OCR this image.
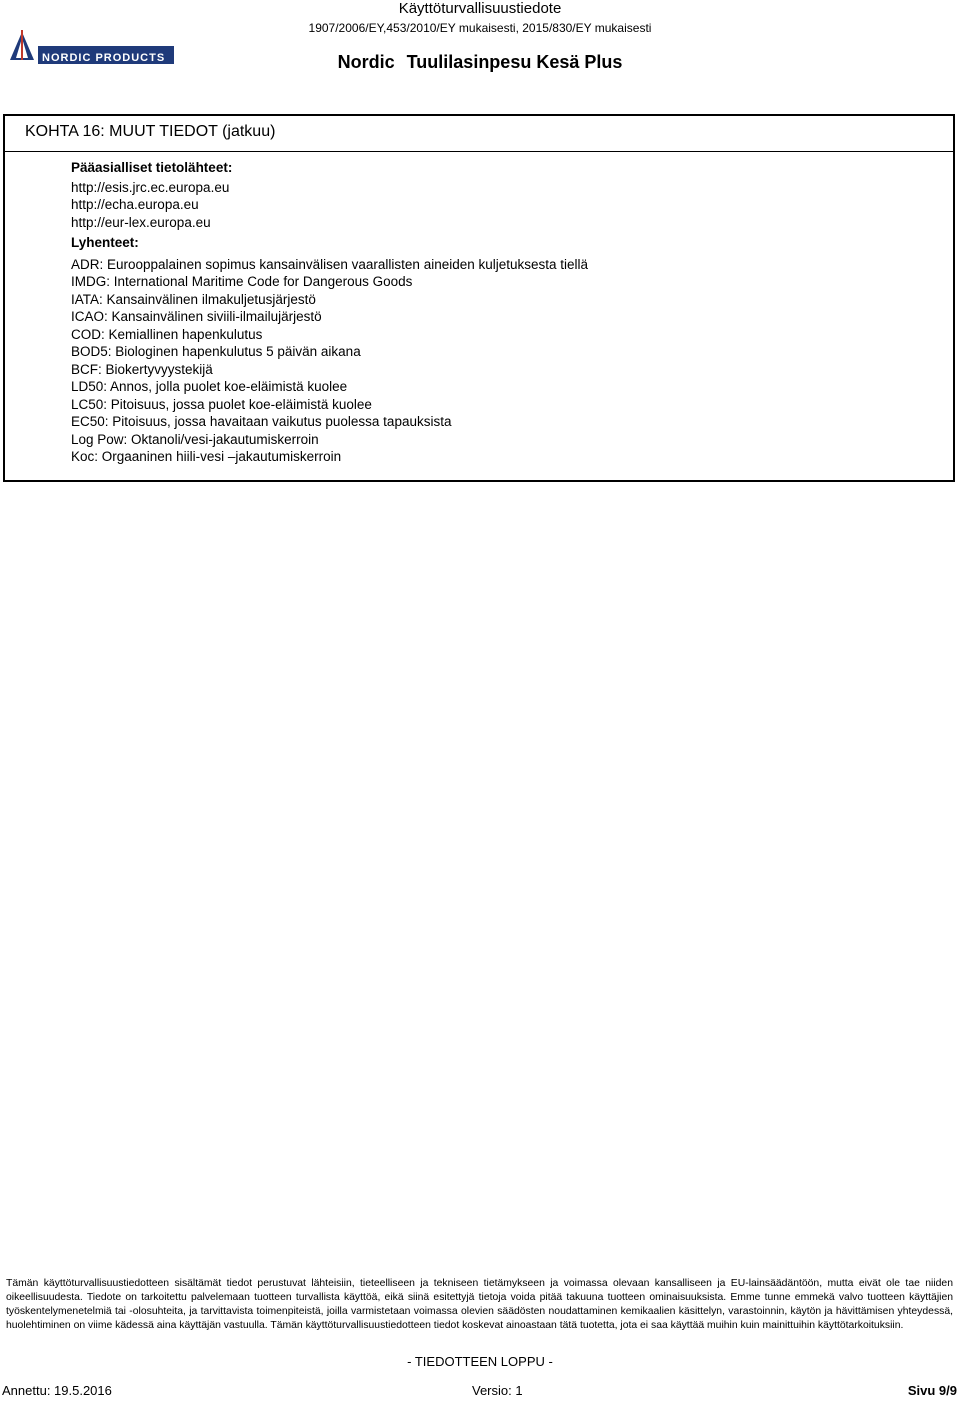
Käyttöturvallisuustiedote
1907/2006/EY,453/2010/EY mukaisesti, 2015/830/EY mukaisesti
Nordic Tuulilasinpesu Kesä Plus
NORDIC PRODUCTS
KOHTA 16: MUUT TIEDOT (jatkuu)
Pääasialliset tietolähteet:
http://esis.jrc.ec.europa.eu
http://echa.europa.eu
http://eur-lex.europa.eu
Lyhenteet:
ADR: Eurooppalainen sopimus kansainvälisen vaarallisten aineiden kuljetuksesta tiellä
IMDG: International Maritime Code for Dangerous Goods
IATA: Kansainvälinen ilmakuljetusjärjestö
ICAO: Kansainvälinen siviili-ilmailujärjestö
COD: Kemiallinen hapenkulutus
BOD5: Biologinen hapenkulutus 5 päivän aikana
BCF: Biokertyvyystekijä
LD50: Annos, jolla puolet koe-eläimistä kuolee
LC50: Pitoisuus, jossa puolet koe-eläimistä kuolee
EC50: Pitoisuus, jossa havaitaan vaikutus puolessa tapauksista
Log Pow: Oktanoli/vesi-jakautumiskerroin
Koc: Orgaaninen hiili-vesi –jakautumiskerroin
Tämän käyttöturvallisuustiedotteen sisältämät tiedot perustuvat lähteisiin, tieteelliseen ja tekniseen tietämykseen ja voimassa olevaan kansalliseen ja EU-lainsäädäntöön, mutta eivät ole tae niiden oikeellisuudesta. Tiedote on tarkoitettu palvelemaan tuotteen turvallista käyttöä, eikä siinä esitettyjä tietoja voida pitää takuuna tuotteen ominaisuuksista. Emme tunne emmekä valvo tuotteen käyttäjien työskentelymenetelmiä tai -olosuhteita, ja tarvittavista toimenpiteistä, joilla varmistetaan voimassa olevien säädösten noudattaminen kemikaalien käsittelyn, varastoinnin, käytön ja hävittämisen yhteydessä, huolehtiminen on viime kädessä aina käyttäjän vastuulla. Tämän käyttöturvallisuustiedotteen tiedot koskevat ainoastaan tätä tuotetta, jota ei saa käyttää muihin kuin mainittuihin käyttötarkoituksiin.
- TIEDOTTEEN LOPPU -
Annettu: 19.5.2016	Versio: 1	Sivu 9/9
